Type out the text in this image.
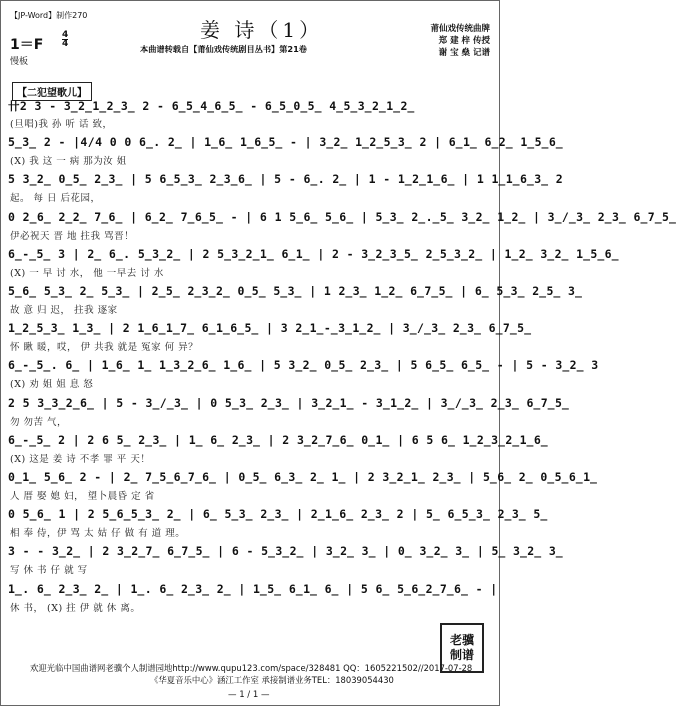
【JP-Word】制作270
姜 诗（1）
本曲谱转载自【莆仙戏传统剧目丛书】第21卷
莆仙戏传统曲牌
郑 建 梓 传授
谢 宝 燊 记谱
1＝F
4
4
慢板
【二犯望歌儿】
卄2 3 - 3̲2̲1̲2̲3̲ 2 - 6̲5̲4̲6̲5̲ - 6̲5̲0̲5̲ 4̲5̲3̲2̲1̲2̲
(旦唱)我 孙 听 话 致，
5̲3̲ 2 - |4/4 0 0 6̲. 2̲ | 1̲6̲ 1̲6̲5̲ - | 3̲2̲ 1̲2̲5̲3̲ 2 | 6̲1̲ 6̲2̲ 1̲5̲6̲
(X) 我 这 一 病 那为汝 姐
5 3̲2̲ 0̲5̲ 2̲3̲ | 5 6̲5̲3̲ 2̲3̲6̲ | 5 - 6̲. 2̲ | 1 - 1̲2̲1̲6̲ | 1 1̲1̲6̲3̲ 2
起。 每 日 后花园，
0 2̲6̲ 2̲2̲ 7̲6̲ | 6̲2̲ 7̲6̲5̲ - | 6 1 5̲6̲ 5̲6̲ | 5̲3̲ 2̲.̲5̲ 3̲2̲ 1̲2̲ | 3̲/̲3̲ 2̲3̲ 6̲7̲5̲
伊必祝天 晋 地 拄我 骂晋！
6̲-̲5̲ 3 | 2̲ 6̲. 5̲3̲2̲ | 2 5̲3̲2̲1̲ 6̲1̲ | 2 - 3̲2̲3̲5̲ 2̲5̲3̲2̲ | 1̲2̲ 3̲2̲ 1̲5̲6̲
(X) 一 早 讨 水， 他 一早去 讨 水
5̲6̲ 5̲3̲ 2̲ 5̲3̲ | 2̲5̲ 2̲3̲2̲ 0̲5̲ 5̲3̲ | 1 2̲3̲ 1̲2̲ 6̲7̲5̲ | 6̲ 5̲3̲ 2̲5̲ 3̲
故 意 归 迟， 拄我 逐家
1̲2̲5̲3̲ 1̲3̲ | 2 1̲6̲1̲7̲ 6̲1̲6̲5̲ | 3 2̲1̲-̲3̲1̲2̲ | 3̲/̲3̲ 2̲3̲ 6̲7̲5̲
怀 瞅 暖，哎， 伊 共我 就是 冤家 何 异？
6̲-̲5̲. 6̲ | 1̲6̲ 1̲ 1̲3̲2̲6̲ 1̲6̲ | 5 3̲2̲ 0̲5̲ 2̲3̲ | 5 6̲5̲ 6̲5̲ - | 5 - 3̲2̲ 3
(X) 劝 姐 姐 息 怒
2 5 3̲3̲2̲6̲ | 5 - 3̲/̲3̲ | 0 5̲3̲ 2̲3̲ | 3̲2̲1̲ - 3̲1̲2̲ | 3̲/̲3̲ 2̲3̲ 6̲7̲5̲
勿 勿苦 气，
6̲-̲5̲ 2 | 2 6 5̲ 2̲3̲ | 1̲ 6̲ 2̲3̲ | 2 3̲2̲7̲6̲ 0̲1̲ | 6 5 6̲ 1̲2̲3̲2̲1̲6̲
(X) 这是 姜 诗 不孝 罪 平 天！
0̲1̲ 5̲6̲ 2 - | 2̲ 7̲5̲6̲7̲6̲ | 0̲5̲ 6̲3̲ 2̲ 1̲ | 2 3̲2̲1̲ 2̲3̲ | 5̲6̲ 2̲ 0̲5̲6̲1̲
人 厝 娶 媳 妇， 望卜晨昏 定 省
0 5̲6̲ 1 | 2 5̲6̲5̲3̲ 2̲ | 6̲ 5̲3̲ 2̲3̲ | 2̲1̲6̲ 2̲3̲ 2 | 5̲ 6̲5̲3̲ 2̲3̲ 5̲
相 奉 侍，伊 骂 太 姑 仔 做 有 道 理。
3 - - 3̲2̲ | 2 3̲2̲7̲ 6̲7̲5̲ | 6 - 5̲3̲2̲ | 3̲2̲ 3̲ | 0̲ 3̲2̲ 3̲ | 5̲ 3̲2̲ 3̲
写 休 书 仔 就 写
1̲. 6̲ 2̲3̲ 2̲ | 1̲. 6̲ 2̲3̲ 2̲ | 1̲5̲ 6̲1̲ 6̲ | 5 6̲ 5̲6̲2̲7̲6̲ - |
休 书， (X) 拄 伊 就 休 离。
老骥
制谱
欢迎光临中国曲谱网老骥个人制谱园地http://www.qupu123.com/space/328481 QQ：1605221502//2017-07-28
《华夏音乐中心》涵江工作室 承接制谱业务TEL：18039054430
— 1 / 1 —
